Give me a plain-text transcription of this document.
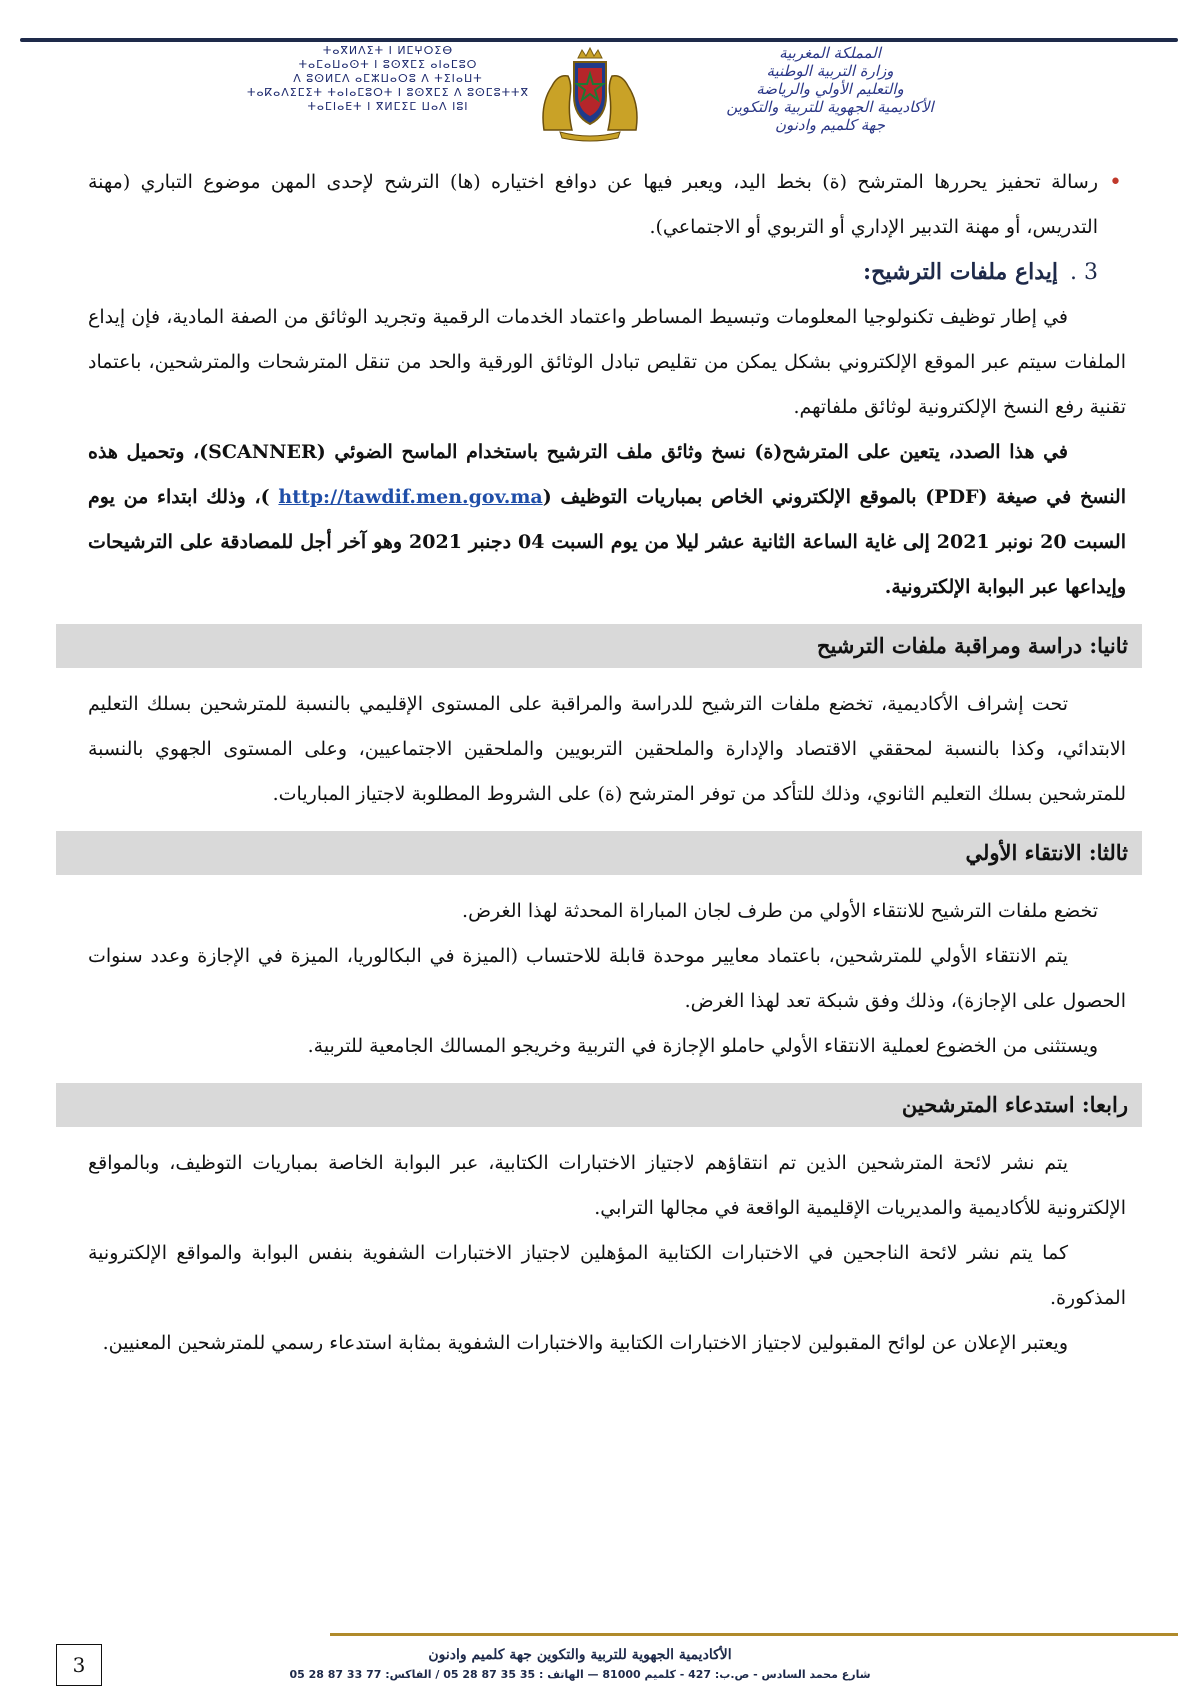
ⵜⴰⴳⵍⴷⵉⵜ ⵏ ⵍⵎⵖⵔⵉⴱ
ⵜⴰⵎⴰⵡⴰⵙⵜ ⵏ ⵓⵙⴳⵎⵉ ⴰⵏⴰⵎⵓⵔ
ⴷ ⵓⵙⵍⵎⴷ ⴰⵎⵣⵡⴰⵔⵓ ⴷ ⵜⵉⵏⴰⵡⵜ
ⵜⴰⴽⴰⴷⵉⵎⵉⵜ ⵜⴰⵏⴰⵎⵓⵔⵜ ⵏ ⵓⵙⴳⵎⵉ ⴷ ⵓⵙⵎⵓⵜⵜⴳ
ⵜⴰⵎⵏⴰⴹⵜ ⵏ ⴳⵍⵎⵉⵎ ⵡⴰⴷ ⵏⵓⵏ
المملكة المغربية
وزارة التربية الوطنية
والتعليم الأولي والرياضة
الأكاديمية الجهوية للتربية والتكوين
جهة كلميم وادنون

• رسالة تحفيز يحررها المترشح (ة) بخط اليد، ويعبر فيها عن دوافع اختياره (ها) الترشح لإحدى المهن موضوع التباري (مهنة التدريس، أو مهنة التدبير الإداري أو التربوي أو الاجتماعي).

3 .إيداع ملفات الترشيح:

في إطار توظيف تكنولوجيا المعلومات وتبسيط المساطر واعتماد الخدمات الرقمية وتجريد الوثائق من الصفة المادية، فإن إيداع الملفات سيتم عبر الموقع الإلكتروني بشكل يمكن من تقليص تبادل الوثائق الورقية والحد من تنقل المترشحات والمترشحين، باعتماد تقنية رفع النسخ الإلكترونية لوثائق ملفاتهم.

في هذا الصدد، يتعين على المترشح(ة) نسخ وثائق ملف الترشيح باستخدام الماسح الضوئي (SCANNER)، وتحميل هذه النسخ في صيغة (PDF) بالموقع الإلكتروني الخاص بمباريات التوظيف (http://tawdif.men.gov.ma )، وذلك ابتداء من يوم السبت 20 نونبر 2021 إلى غاية الساعة الثانية عشر ليلا من يوم السبت 04 دجنبر 2021 وهو آخر أجل للمصادقة على الترشيحات وإيداعها عبر البوابة الإلكترونية.

ثانيا: دراسة ومراقبة ملفات الترشيح

تحت إشراف الأكاديمية، تخضع ملفات الترشيح للدراسة والمراقبة على المستوى الإقليمي بالنسبة للمترشحين بسلك التعليم الابتدائي، وكذا بالنسبة لمحققي الاقتصاد والإدارة والملحقين التربويين والملحقين الاجتماعيين، وعلى المستوى الجهوي بالنسبة للمترشحين بسلك التعليم الثانوي، وذلك للتأكد من توفر المترشح (ة) على الشروط المطلوبة لاجتياز المباريات.

ثالثا: الانتقاء الأولي

تخضع ملفات الترشيح للانتقاء الأولي من طرف لجان المباراة المحدثة لهذا الغرض.

يتم الانتقاء الأولي للمترشحين، باعتماد معايير موحدة قابلة للاحتساب (الميزة في البكالوريا، الميزة في الإجازة وعدد سنوات الحصول على الإجازة)، وذلك وفق شبكة تعد لهذا الغرض.

ويستثنى من الخضوع لعملية الانتقاء الأولي حاملو الإجازة في التربية وخريجو المسالك الجامعية للتربية.

رابعا: استدعاء المترشحين

يتم نشر لائحة المترشحين الذين تم انتقاؤهم لاجتياز الاختبارات الكتابية، عبر البوابة الخاصة بمباريات التوظيف، وبالمواقع الإلكترونية للأكاديمية والمديريات الإقليمية الواقعة في مجالها الترابي.

كما يتم نشر لائحة الناجحين في الاختبارات الكتابية المؤهلين لاجتياز الاختبارات الشفوية بنفس البوابة والمواقع الإلكترونية المذكورة.

ويعتبر الإعلان عن لوائح المقبولين لاجتياز الاختبارات الكتابية والاختبارات الشفوية بمثابة استدعاء رسمي للمترشحين المعنيين.

3	الأكاديمية الجهوية للتربية والتكوين جهة كلميم وادنون
شارع محمد السادس - ص.ب: 427 - كلميم 81000 — الهاتف : 35 35 87 28 05 / الفاكس: 77 33 87 28 05
